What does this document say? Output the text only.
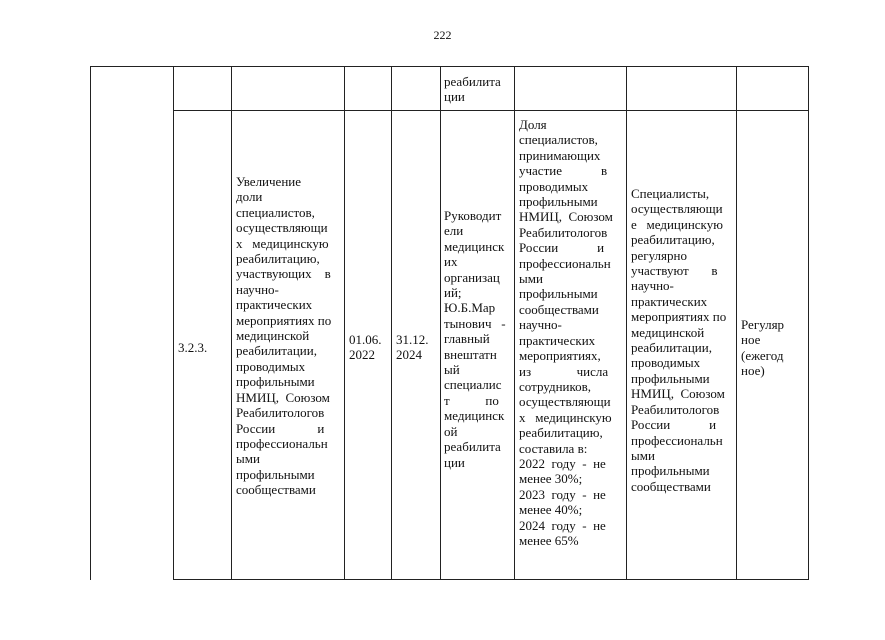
222
реабилита
ции
3.2.3.
Увеличение
доли
специалистов,
осуществляющи
х   медицинскую
реабилитацию,
участвующих    в
научно-
практических
мероприятиях по
медицинской
реабилитации,
проводимых
профильными
НМИЦ,  Союзом
Реабилитологов
России             и
профессиональн
ыми
профильными
сообществами
01.06.
2022
31.12.
2024
Руководит
ели
медицинск
их
организац
ий;
Ю.Б.Мар
тынович   -
главный
внештатн
ый
специалис
т           по
медицинск
ой
реабилита
ции
Доля
специалистов,
принимающих
участие            в
проводимых
профильными
НМИЦ,  Союзом
Реабилитологов
России            и
профессиональн
ыми
профильными
сообществами
научно-
практических
мероприятиях,
из              числа
сотрудников,
осуществляющи
х   медицинскую
реабилитацию,
составила в:
2022  году  -  не
менее 30%;
2023  году  -  не
менее 40%;
2024  году  -  не
менее 65%
Специалисты,
осуществляющи
е   медицинскую
реабилитацию,
регулярно
участвуют       в
научно-
практических
мероприятиях по
медицинской
реабилитации,
проводимых
профильными
НМИЦ,  Союзом
Реабилитологов
России            и
профессиональн
ыми
профильными
сообществами
Регуляр
ное
(ежегод
ное)
